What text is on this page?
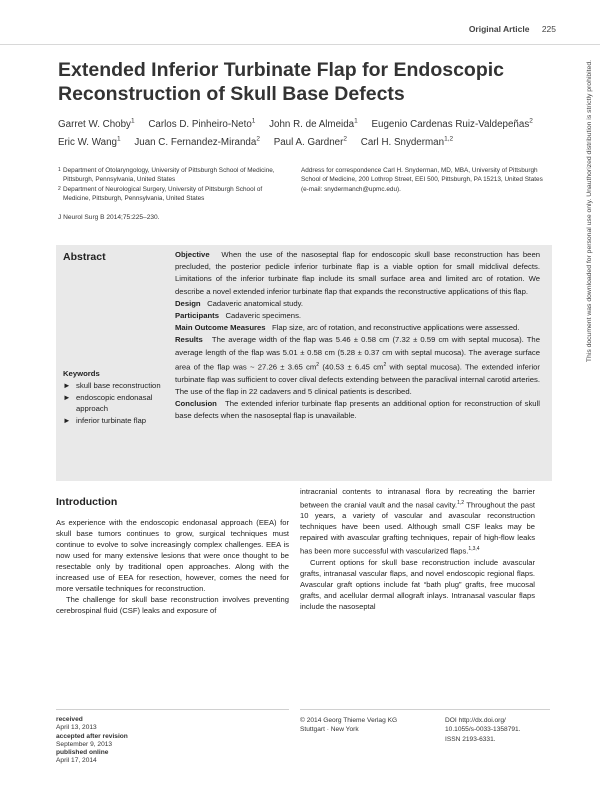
Original Article 225
Extended Inferior Turbinate Flap for Endoscopic Reconstruction of Skull Base Defects
Garret W. Choby$^1$ Carlos D. Pinheiro-Neto$^1$ John R. de Almeida$^1$ Eugenio Cardenas Ruiz-Valdepeñas$^2$
Eric W. Wang$^1$ Juan C. Fernandez-Miranda$^2$ Paul A. Gardner$^2$ Carl H. Snyderman$^{1,2}$
1 Department of Otolaryngology, University of Pittsburgh School of Medicine, Pittsburgh, Pennsylvania, United States
2 Department of Neurological Surgery, University of Pittsburgh School of Medicine, Pittsburgh, Pennsylvania, United States
Address for correspondence Carl H. Snyderman, MD, MBA, University of Pittsburgh School of Medicine, 200 Lothrop Street, EEI 500, Pittsburgh, PA 15213, United States (e-mail: snydermanch@upmc.edu).
J Neurol Surg B 2014;75:225–230.
Abstract	Objective When the use of the nasoseptal flap for endoscopic skull base reconstruction has been precluded, the posterior pedicle inferior turbinate flap is a viable option for small midclival defects. Limitations of the inferior turbinate flap include its small surface area and limited arc of rotation. We describe a novel extended inferior turbinate flap that expands the reconstructive applications of this flap.

Design Cadaveric anatomical study.

Participants Cadaveric specimens.

Main Outcome Measures Flap size, arc of rotation, and reconstructive applications were assessed.

Results The average width of the flap was 5.46 ± 0.58 cm (7.32 ± 0.59 cm with septal mucosa). The average length of the flap was 5.01 ± 0.58 cm (5.28 ± 0.37 cm with septal mucosa). The average surface area of the flap was ~ 27.26 ± 3.65 $cm^2$ (40.53 ± 6.45 $cm^2$ with septal mucosa). The extended inferior turbinate flap was sufficient to cover clival defects extending between the paraclival internal carotid arteries. The use of the flap in 22 cadavers and 5 clinical patients is described.

Conclusion The extended inferior turbinate flap presents an additional option for reconstruction of skull base defects when the nasoseptal flap is unavailable.

Keywords
► skull base reconstruction
► endoscopic endonasal approach
► inferior turbinate flap
This document was downloaded for personal use only. Unauthorized distribution is strictly prohibited.
Introduction

As experience with the endoscopic endonasal approach (EEA) for skull base tumors continues to grow, surgical techniques must continue to evolve to solve increasingly complex challenges. EEA is now used for many extensive lesions that were once thought to be resectable only by traditional open approaches. Along with the increased use of EEA for resection, however, comes the need for more versatile techniques for reconstruction.

The challenge for skull base reconstruction involves preventing cerebrospinal fluid (CSF) leaks and exposure of

intracranial contents to intranasal flora by recreating the barrier between the cranial vault and the nasal cavity.$^{1,2}$ Throughout the past 10 years, a variety of vascular and avascular reconstruction techniques have been used. Although small CSF leaks may be repaired with avascular grafting techniques, repair of high-flow leaks has been more successful with vascularized flaps.$^{1,3,4}$

Current options for skull base reconstruction include avascular grafts, intranasal vascular flaps, and novel endoscopic regional flaps. Avascular graft options include fat “bath plug” grafts, free mucosal grafts, and acellular dermal allograft inlays. Intranasal vascular flaps include the nasoseptal

received
April 13, 2013
accepted after revision
September 9, 2013
published online
April 17, 2014
© 2014 Georg Thieme Verlag KG
Stuttgart · New York
DOI http://dx.doi.org/
10.1055/s-0033-1358791.
ISSN 2193-6331.
